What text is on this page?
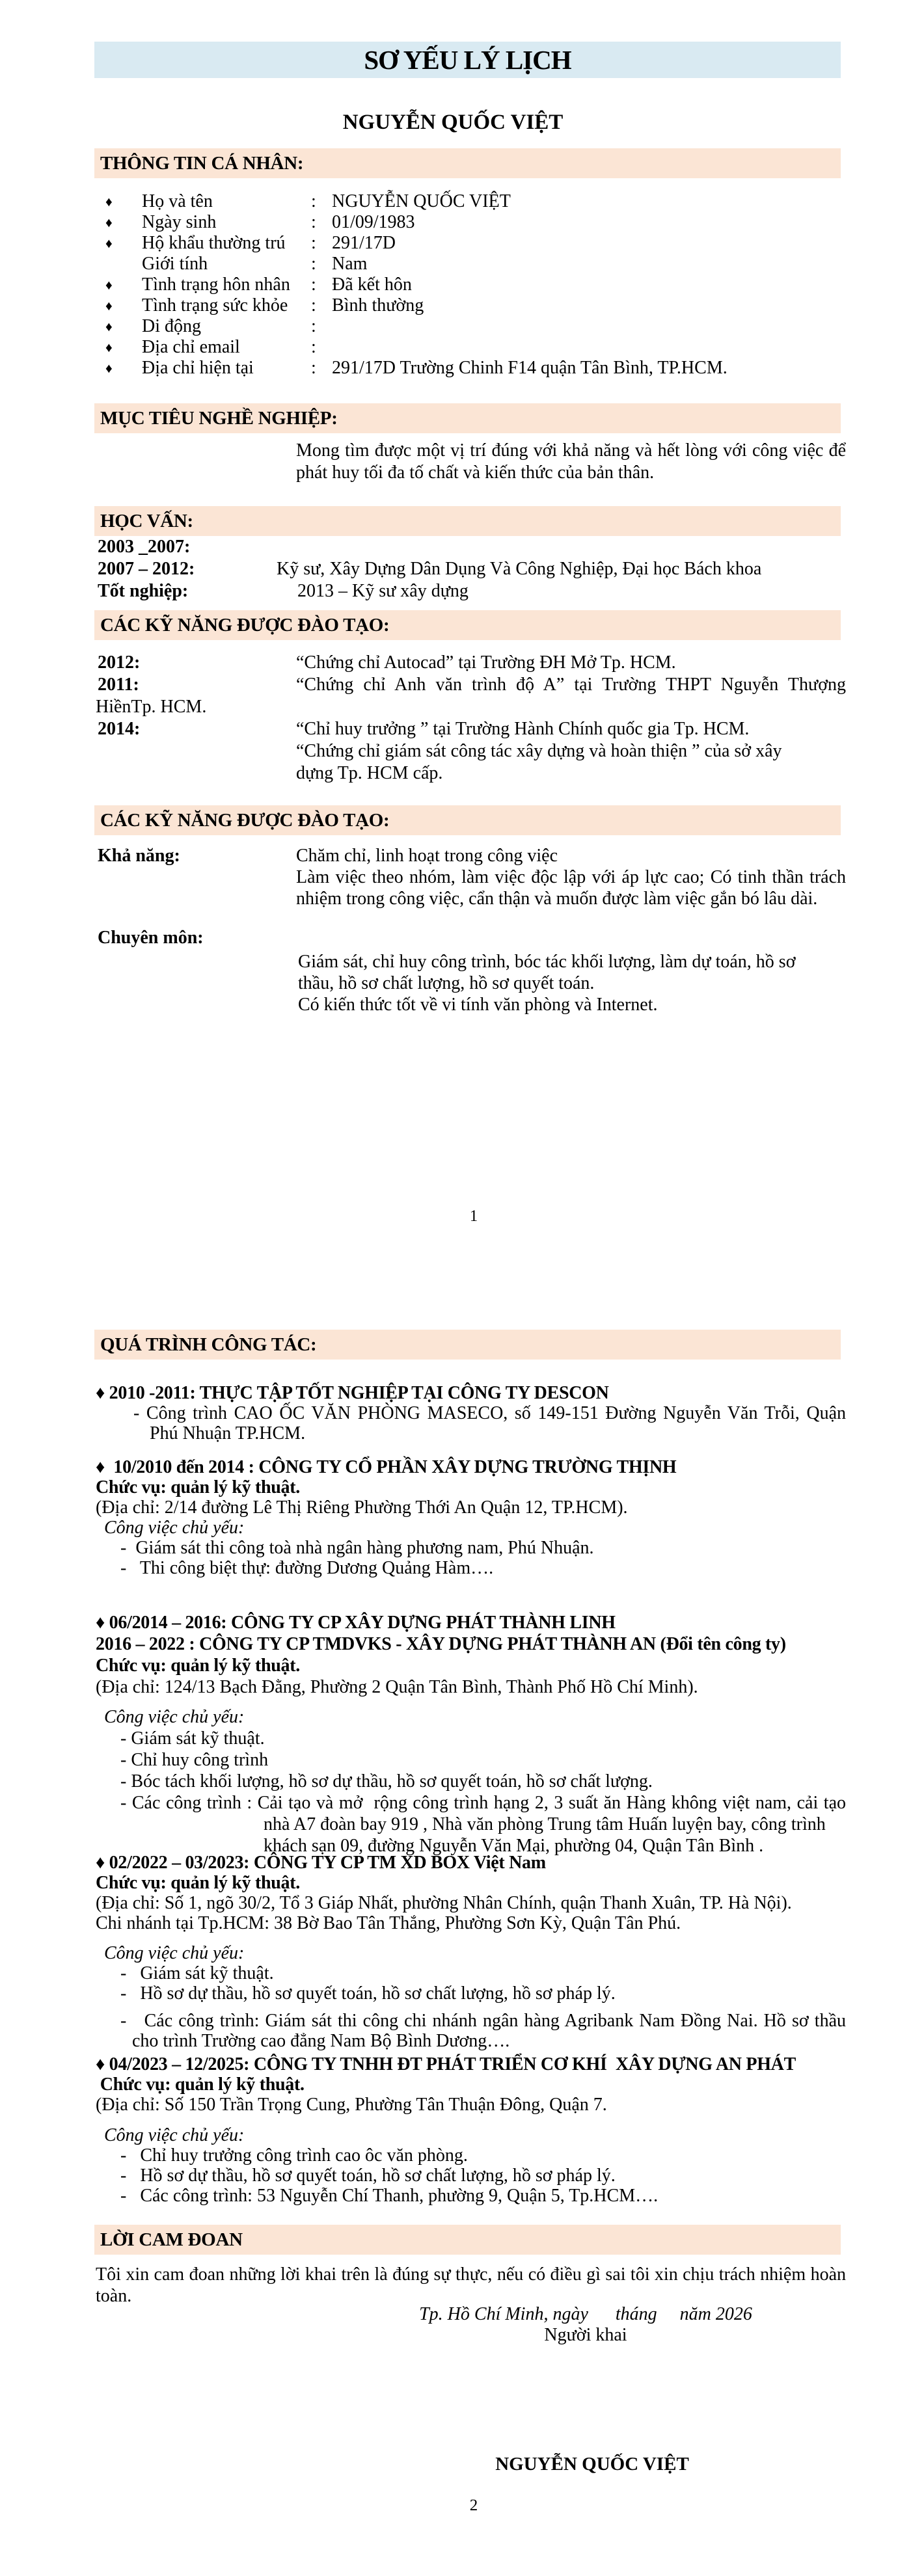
SƠ YẾU LÝ LỊCH
NGUYỄN QUỐC VIỆT
THÔNG TIN CÁ NHÂN:
♦	Họ và tên	: NGUYỄN QUỐC VIỆT
♦	Ngày sinh	: 01/09/1983
♦	Hộ khẩu thường trú	: 291/17D
Giới tính	: Nam
♦	Tình trạng hôn nhân	: Đã kết hôn
♦	Tình trạng sức khỏe	: Bình thường
♦	Di động	:
♦	Địa chỉ email	:
♦	Địa chỉ hiện tại	: 291/17D Trường Chinh F14 quận Tân Bình, TP.HCM.
MỤC TIÊU NGHỀ NGHIỆP:
Mong tìm được một vị trí đúng với khả năng và hết lòng với công việc để
phát huy tối đa tố chất và kiến thức của bản thân.
HỌC VẤN:
2003 _2007:
2007 – 2012:	Kỹ sư, Xây Dựng Dân Dụng Và Công Nghiệp, Đại học Bách khoa
Tốt nghiệp:	2013 – Kỹ sư xây dựng
CÁC KỸ NĂNG ĐƯỢC ĐÀO TẠO:
2012:	“Chứng chỉ Autocad” tại Trường ĐH Mở Tp. HCM.
2011:	“Chứng chỉ Anh văn trình độ A” tại Trường THPT Nguyễn Thượng
HiềnTp. HCM.
2014:	“Chỉ huy trưởng ” tại Trường Hành Chính quốc gia Tp. HCM.
“Chứng chỉ giám sát công tác xây dựng và hoàn thiện ” của sở xây
dựng Tp. HCM cấp.
CÁC KỸ NĂNG ĐƯỢC ĐÀO TẠO:
Khả năng:	Chăm chỉ, linh hoạt trong công việc
Làm việc theo nhóm, làm việc độc lập với áp lực cao; Có tinh thần trách
nhiệm trong công việc, cẩn thận và muốn được làm việc gắn bó lâu dài.
Chuyên môn:
Giám sát, chỉ huy công trình, bóc tác khối lượng, làm dự toán, hồ sơ
thầu, hồ sơ chất lượng, hồ sơ quyết toán.
Có kiến thức tốt về vi tính văn phòng và Internet.
1
QUÁ TRÌNH CÔNG TÁC:
♦ 2010 -2011: THỰC TẬP TỐT NGHIỆP TẠI CÔNG TY DESCON
- Công trình CAO ỐC VĂN PHÒNG MASECO, số 149-151 Đường Nguyễn Văn Trỗi, Quận
Phú Nhuận TP.HCM.
♦  10/2010 đến 2014 : CÔNG TY CỔ PHẦN XÂY DỰNG TRƯỜNG THỊNH
Chức vụ: quản lý kỹ thuật.
(Địa chỉ: 2/14 đường Lê Thị Riêng Phường Thới An Quận 12, TP.HCM).
Công việc chủ yếu:
-  Giám sát thi công toà nhà ngân hàng phương nam, Phú Nhuận.
-   Thi công biệt thự: đường Dương Quảng Hàm….
♦ 06/2014 – 2016: CÔNG TY CP XÂY DỰNG PHÁT THÀNH LINH
2016 – 2022 : CÔNG TY CP TMDVKS - XÂY DỰNG PHÁT THÀNH AN (Đổi tên công ty)
Chức vụ: quản lý kỹ thuật.
(Địa chỉ: 124/13 Bạch Đằng, Phường 2 Quận Tân Bình, Thành Phố Hồ Chí Minh).
Công việc chủ yếu:
- Giám sát kỹ thuật.
- Chỉ huy công trình
- Bóc tách khối lượng, hồ sơ dự thầu, hồ sơ quyết toán, hồ sơ chất lượng.
- Các công trình : Cải tạo và mở  rộng công trình hạng 2, 3 suất ăn Hàng không việt nam, cải tạo
nhà A7 đoàn bay 919 , Nhà văn phòng Trung tâm Huấn luyện bay, công trình
khách sạn 09, đường Nguyễn Văn Mại, phường 04, Quận Tân Bình .
♦ 02/2022 – 03/2023: CÔNG TY CP TM XD BOX Việt Nam
Chức vụ: quản lý kỹ thuật.
(Địa chỉ: Số 1, ngõ 30/2, Tổ 3 Giáp Nhất, phường Nhân Chính, quận Thanh Xuân, TP. Hà Nội).
Chi nhánh tại Tp.HCM: 38 Bờ Bao Tân Thắng, Phường Sơn Kỳ, Quận Tân Phú.
Công việc chủ yếu:
-   Giám sát kỹ thuật.
-   Hồ sơ dự thầu, hồ sơ quyết toán, hồ sơ chất lượng, hồ sơ pháp lý.
-   Các công trình: Giám sát thi công chi nhánh ngân hàng Agribank Nam Đồng Nai. Hồ sơ thầu
cho trình Trường cao đẳng Nam Bộ Bình Dương….
♦ 04/2023 – 12/2025: CÔNG TY TNHH ĐT PHÁT TRIỂN CƠ KHÍ  XÂY DỰNG AN PHÁT
Chức vụ: quản lý kỹ thuật.
(Địa chỉ: Số 150 Trần Trọng Cung, Phường Tân Thuận Đông, Quận 7.
Công việc chủ yếu:
-   Chỉ huy trưởng công trình cao ôc văn phòng.
-   Hồ sơ dự thầu, hồ sơ quyết toán, hồ sơ chất lượng, hồ sơ pháp lý.
-   Các công trình: 53 Nguyễn Chí Thanh, phường 9, Quận 5, Tp.HCM….
LỜI CAM ĐOAN
Tôi xin cam đoan những lời khai trên là đúng sự thực, nếu có điều gì sai tôi xin chịu trách nhiệm hoàn
toàn.
Tp. Hồ Chí Minh, ngày      tháng     năm 2026
Người khai
NGUYỄN QUỐC VIỆT
2
